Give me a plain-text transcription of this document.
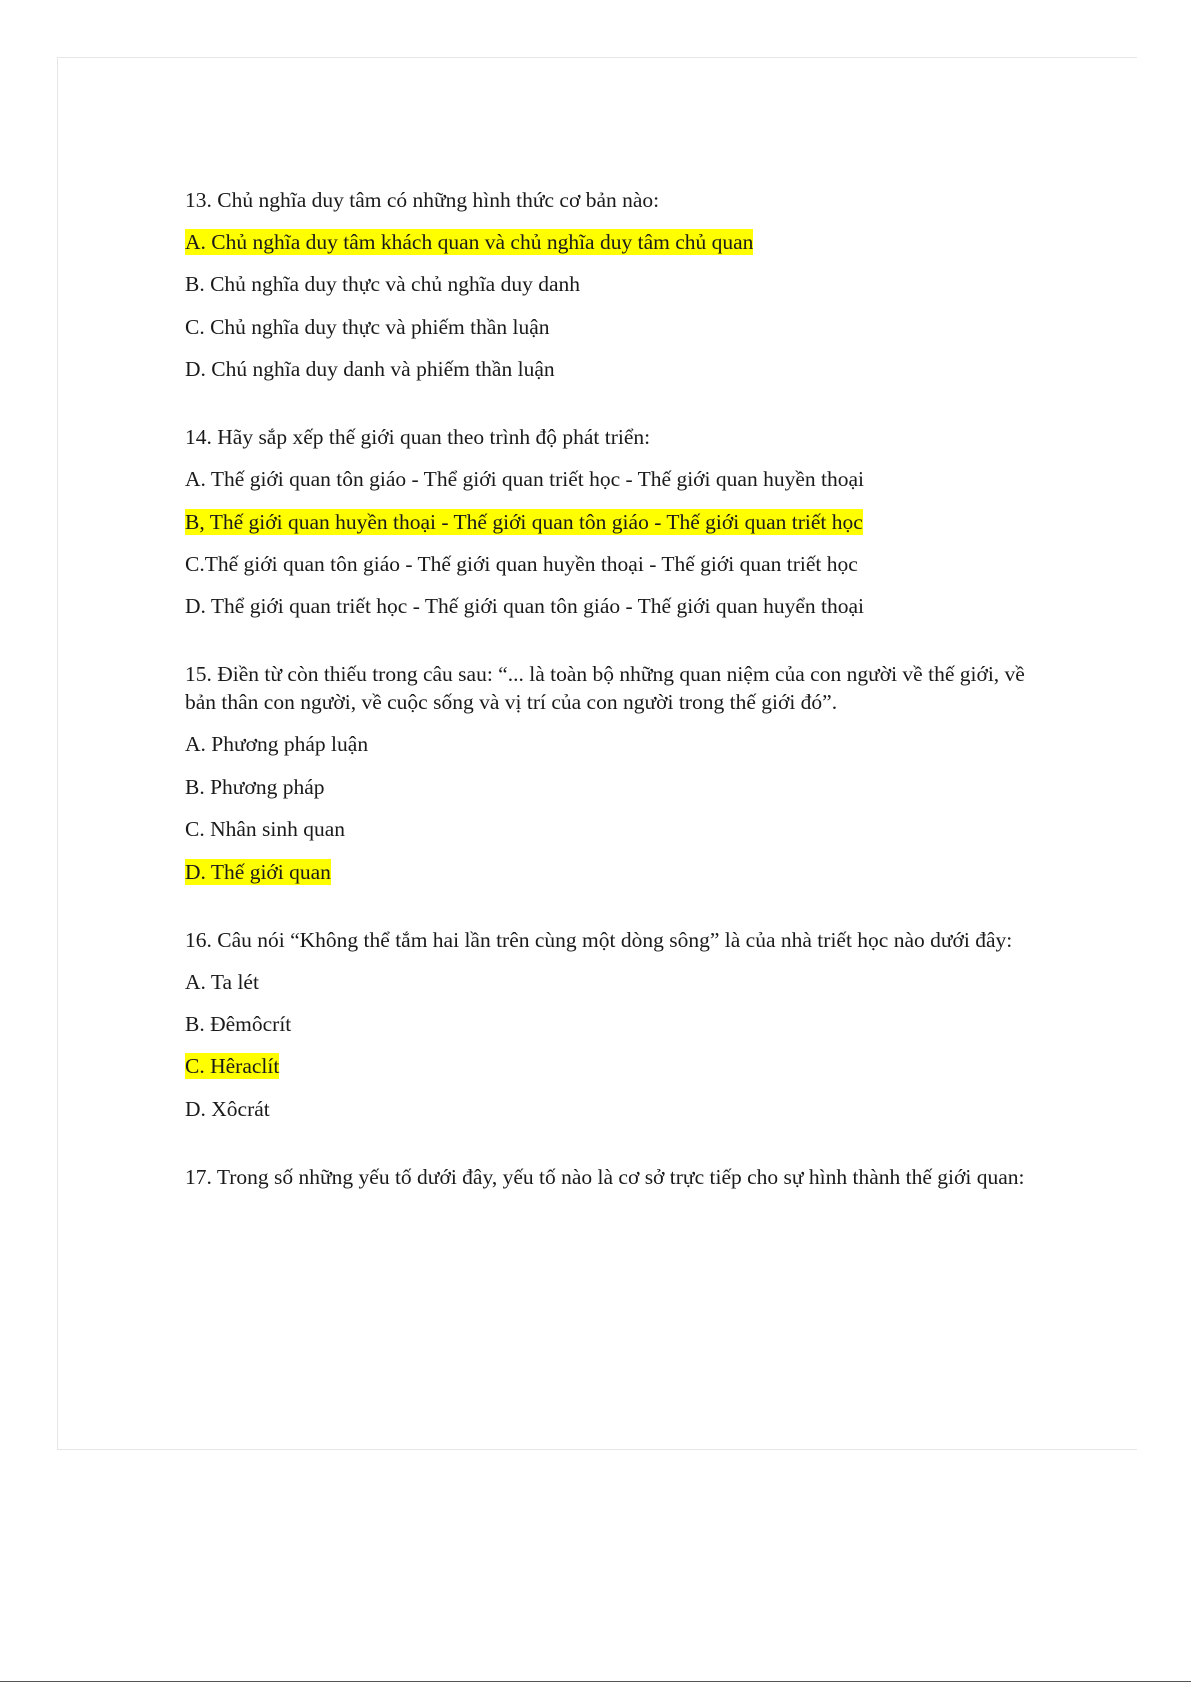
13. Chủ nghĩa duy tâm có những hình thức cơ bản nào:
A. Chủ nghĩa duy tâm khách quan và chủ nghĩa duy tâm chủ quan
B. Chủ nghĩa duy thực và chủ nghĩa duy danh
C. Chủ nghĩa duy thực và phiếm thần luận
D. Chú nghĩa duy danh và phiếm thần luận
14. Hãy sắp xếp thế giới quan theo trình độ phát triển:
A. Thế giới quan tôn giáo - Thể giới quan triết học - Thế giới quan huyền thoại
B, Thế giới quan huyền thoại - Thế giới quan tôn giáo - Thế giới quan triết học
C.Thế giới quan tôn giáo - Thế giới quan huyền thoại - Thế giới quan triết học
D. Thể giới quan triết học - Thế giới quan tôn giáo - Thế giới quan huyển thoại
15. Điền từ còn thiếu trong câu sau: “... là toàn bộ những quan niệm của con người về thế giới, về bản thân con người, về cuộc sống và vị trí của con người trong thế giới đó”.
A. Phương pháp luận
B. Phương pháp
C. Nhân sinh quan
D. Thế giới quan
16. Câu nói “Không thể tắm hai lần trên cùng một dòng sông” là của nhà triết học nào dưới đây:
A. Ta lét
B. Đêmôcrít
C. Hêraclít
D. Xôcrát
17. Trong số những yếu tố dưới đây, yếu tố nào là cơ sở trực tiếp cho sự hình thành thế giới quan:
